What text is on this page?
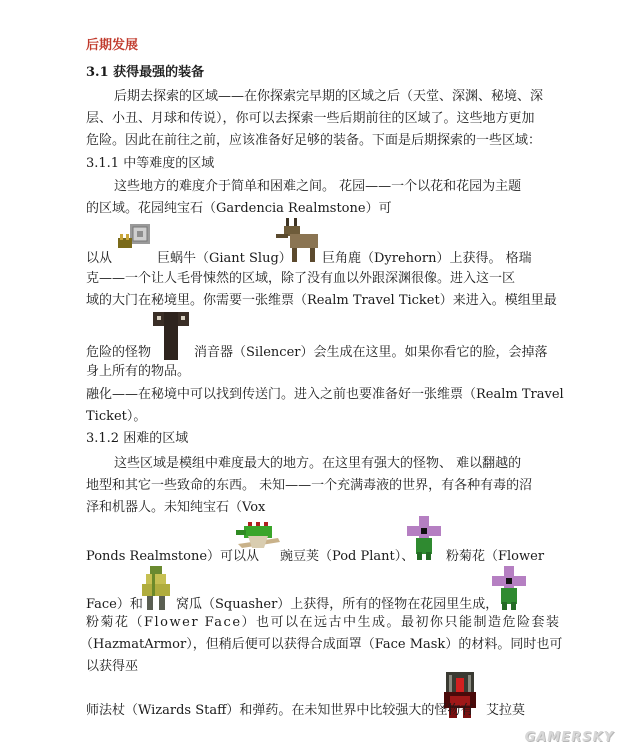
后期发展
3.1 获得最强的装备
后期去探索的区域——在你探索完早期的区域之后（天堂、深渊、秘境、深
层、小丑、月球和传说），你可以去探索一些后期前往的区域了。这些地方更加
危险。因此在前往之前，应该准备好足够的装备。下面是后期探索的一些区域：
3.1.1 中等难度的区域
这些地方的难度介于简单和困难之间。 花园——一个以花和花园为主题
的区域。花园纯宝石（Gardencia Realmstone）可
以从	巨蜗牛（Giant Slug） 巨角鹿（Dyrehorn）上获得。 格瑞
克——一个让人毛骨悚然的区域，除了没有血以外跟深渊很像。进入这一区
域的大门在秘境里。你需要一张维票（Realm Travel Ticket）来进入。模组里最
危险的怪物	消音器（Silencer）会生成在这里。如果你看它的脸，会掉落
身上所有的物品。
融化——在秘境中可以找到传送门。进入之前也要准备好一张维票（Realm Travel
Ticket）。
3.1.2 困难的区域
这些区域是模组中难度最大的地方。在这里有强大的怪物、 难以翻越的
地型和其它一些致命的东西。 未知——一个充满毒液的世界，有各种有毒的沼
泽和机器人。未知纯宝石（Vox
Ponds Realmstone）可以从 豌豆荚（Pod Plant）、 粉菊花（Flower
Face）和	窝瓜（Squasher）上获得，所有的怪物在花园里生成，
粉菊花（Flower Face）也可以在远古中生成。最初你只能制造危险套装
（HazmatArmor），但稍后便可以获得合成面罩（Face Mask）的材料。同时也可
以获得巫
师法杖（Wizards Staff）和弹药。在未知世界中比较强大的怪物有 艾拉莫
GAMERSKY
